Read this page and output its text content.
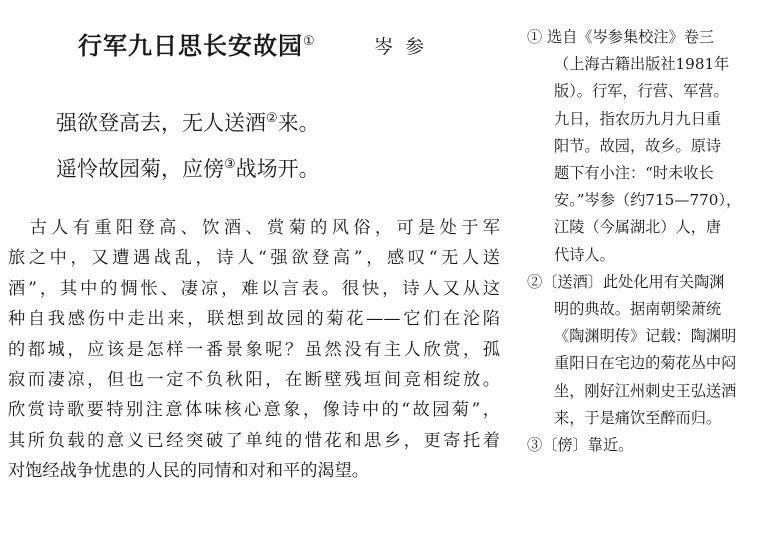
行军九日思长安故园①	岑参
强欲登高去，无人送酒②来。
遥怜故园菊，应傍③战场开。
　古人有重阳登高、饮酒、赏菊的风俗，可是处于军
旅之中，又遭遇战乱，诗人“强欲登高”，感叹“无人送
酒”，其中的惆怅、凄凉，难以言表。很快，诗人又从这
种自我感伤中走出来，联想到故园的菊花——它们在沦陷
的都城，应该是怎样一番景象呢？虽然没有主人欣赏，孤
寂而凄凉，但也一定不负秋阳，在断壁残垣间竞相绽放。
欣赏诗歌要特别注意体味核心意象，像诗中的“故园菊”，
其所负载的意义已经突破了单纯的惜花和思乡，更寄托着
对饱经战争忧患的人民的同情和对和平的渴望。
① 选自《岑参集校注》卷三
（上海古籍出版社1981年
版）。行军，行营、军营。
九日，指农历九月九日重
阳节。故园，故乡。原诗
题下有小注：“时未收长
安。”岑参（约715—770），
江陵（今属湖北）人，唐
代诗人。
②〔送酒〕此处化用有关陶渊
明的典故。据南朝梁萧统
《陶渊明传》记载：陶渊明
重阳日在宅边的菊花丛中闷
坐，刚好江州刺史王弘送酒
来，于是痛饮至醉而归。
③〔傍〕靠近。
